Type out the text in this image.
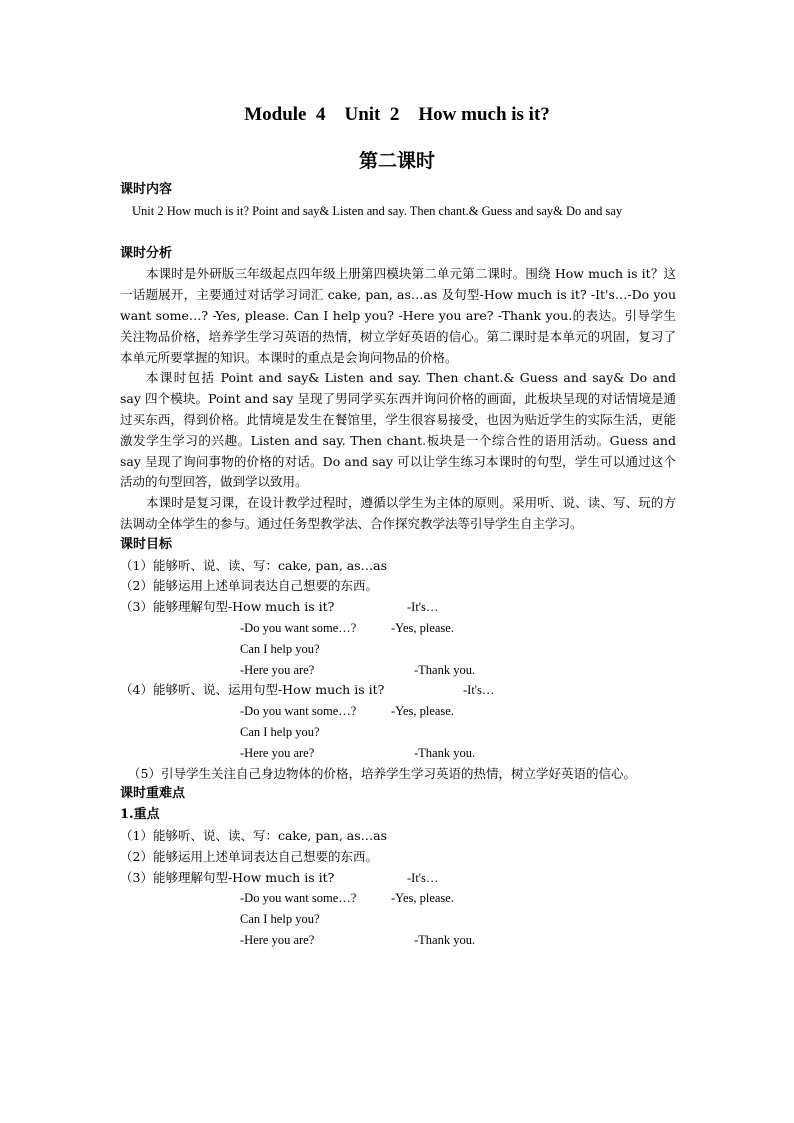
Module  4    Unit  2    How much is it?
第二课时
课时内容

Unit 2 How much is it? Point and say& Listen and say. Then chant.& Guess and say& Do and say

课时分析

本课时是外研版三年级起点四年级上册第四模块第二单元第二课时。围绕 How much is it？这一话题展开，主要通过对话学习词汇 cake, pan, as…as 及句型-How much is it? -It's…-Do you want some…? -Yes, please. Can I help you? -Here you are? -Thank you.的表达。引导学生关注物品价格，培养学生学习英语的热情，树立学好英语的信心。第二课时是本单元的巩固，复习了本单元所要掌握的知识。本课时的重点是会询问物品的价格。

本课时包括 Point and say& Listen and say. Then chant.& Guess and say& Do and say 四个模块。Point and say 呈现了男同学买东西并询问价格的画面，此板块呈现的对话情境是通过买东西，得到价格。此情境是发生在餐馆里，学生很容易接受，也因为贴近学生的实际生活，更能激发学生学习的兴趣。Listen and say. Then chant.板块是一个综合性的语用活动。Guess and say 呈现了询问事物的价格的对话。Do and say 可以让学生练习本课时的句型，学生可以通过这个活动的句型回答，做到学以致用。

本课时是复习课，在设计教学过程时，遵循以学生为主体的原则。采用听、说、读、写、玩的方法调动全体学生的参与。通过任务型教学法、合作探究教学法等引导学生自主学习。

课时目标
（1）能够听、说、读、写：cake, pan, as…as
（2）能够运用上述单词表达自己想要的东西。
（3）能够理解句型-How much is it?	-It's…
-Do you want some…?	-Yes, please.
Can I help you?
-Here you are?	-Thank you.
（4）能够听、说、运用句型-How much is it?	-It's…
-Do you want some…?	-Yes, please.
Can I help you?
-Here you are?	-Thank you.
（5）引导学生关注自己身边物体的价格，培养学生学习英语的热情，树立学好英语的信心。
课时重难点
1.重点
（1）能够听、说、读、写：cake, pan, as…as
（2）能够运用上述单词表达自己想要的东西。
（3）能够理解句型-How much is it?	-It's…
-Do you want some…?	-Yes, please.
Can I help you?
-Here you are?	-Thank you.
